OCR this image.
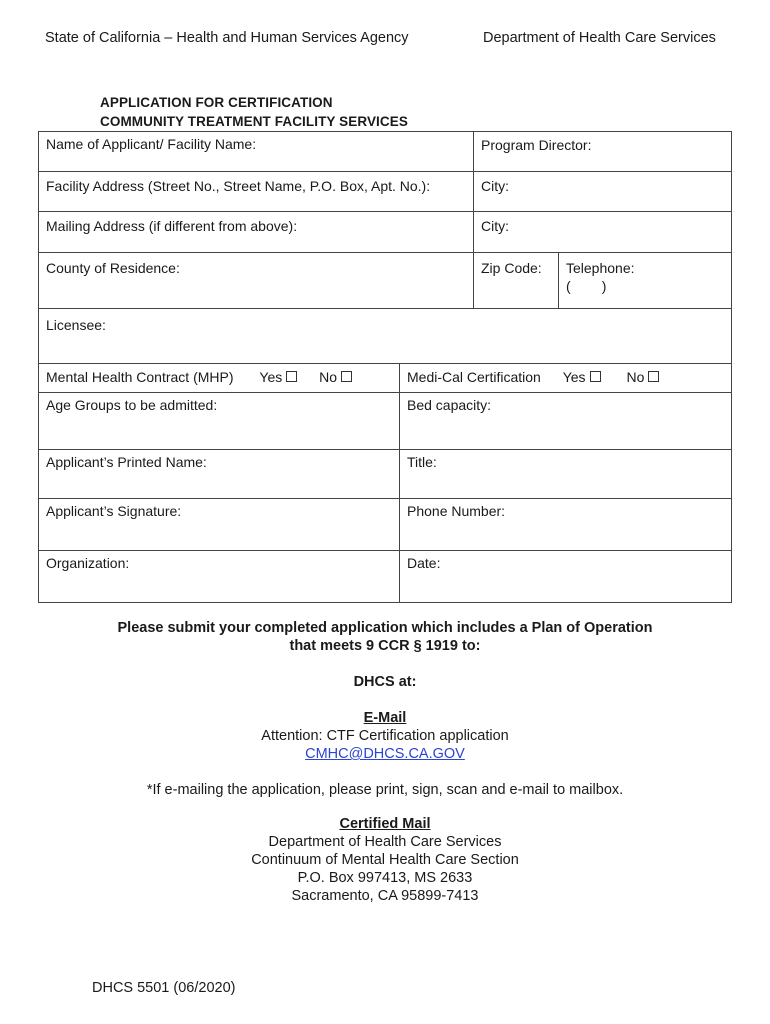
State of California – Health and Human Services Agency	Department of Health Care Services
APPLICATION FOR CERTIFICATION
COMMUNITY TREATMENT FACILITY SERVICES
Name of Applicant/ Facility Name:		Program Director:	
Facility Address (Street No., Street Name, P.O. Box, Apt. No.):		City:	
Mailing Address (if different from above):		City:	
County of Residence:		Zip Code:	Telephone:
(        )

Licensee:			
Mental Health Contract (MHP) Yes No	Medi-Cal Certification Yes No		
Age Groups to be admitted:	Bed capacity:		
Applicant’s Printed Name:	Title:		
Applicant’s Signature:	Phone Number:		
Organization:	Date:		
Please submit your completed application which includes a Plan of Operation
that meets 9 CCR § 1919 to:
DHCS at:
E-Mail
Attention: CTF Certification application
CMHC@DHCS.CA.GOV
*If e-mailing the application, please print, sign, scan and e-mail to mailbox.
Certified Mail
Department of Health Care Services
Continuum of Mental Health Care Section
P.O. Box 997413, MS 2633
Sacramento, CA 95899-7413
DHCS 5501 (06/2020)
